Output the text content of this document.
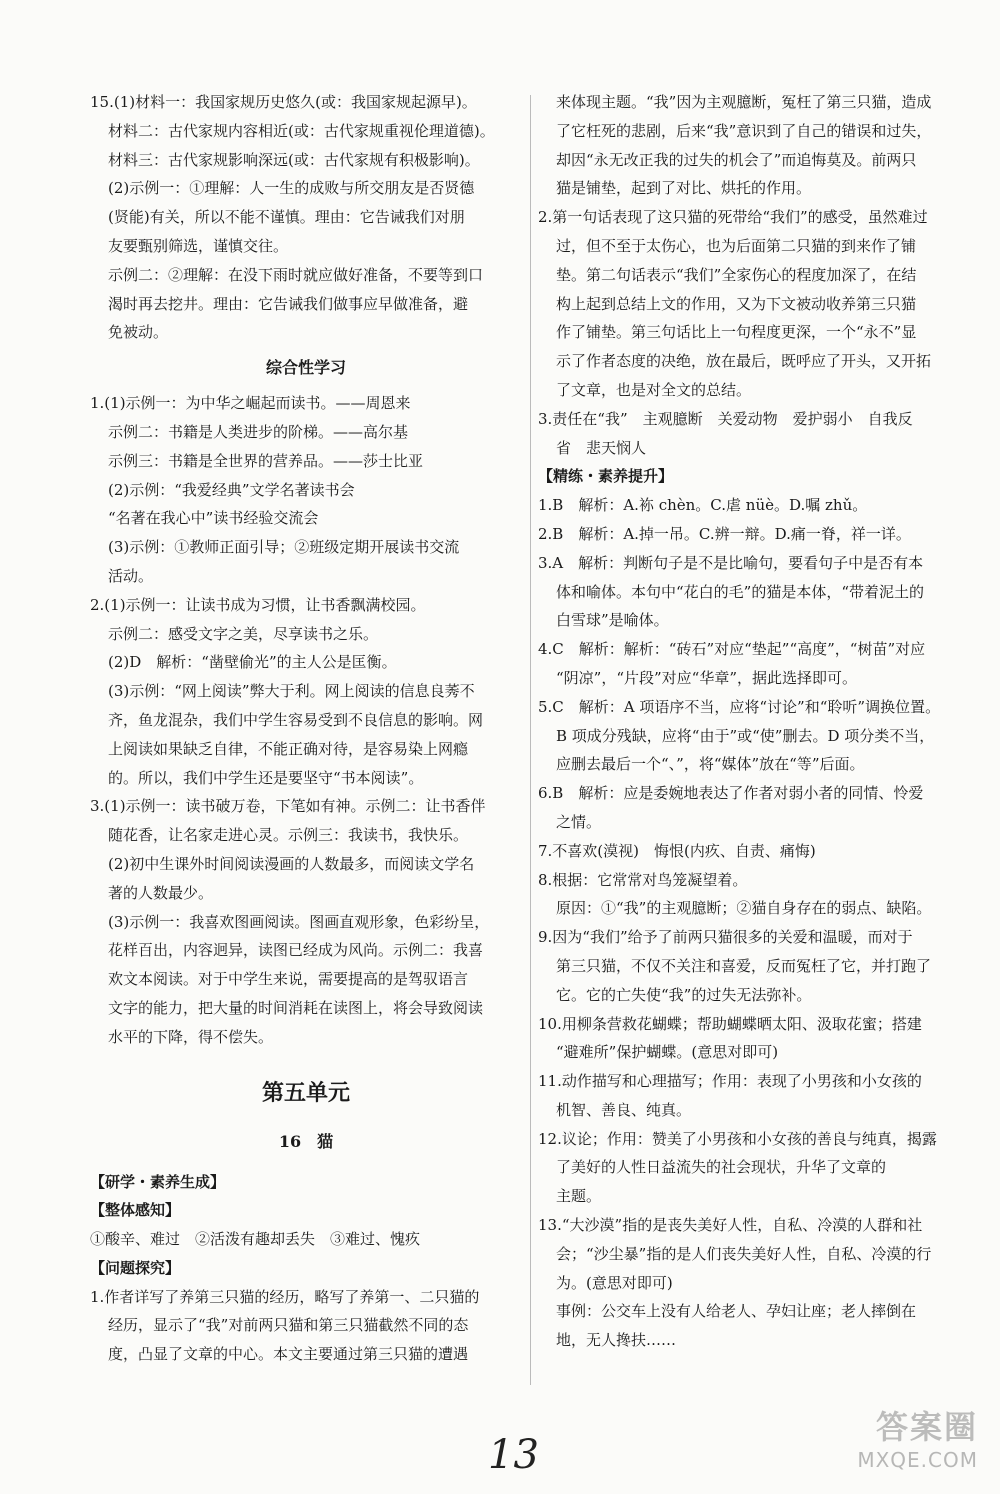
15.(1)材料一：我国家规历史悠久(或：我国家规起源早)。
材料二：古代家规内容相近(或：古代家规重视伦理道德)。
材料三：古代家规影响深远(或：古代家规有积极影响)。
(2)示例一：①理解：人一生的成败与所交朋友是否贤德
(贤能)有关，所以不能不谨慎。理由：它告诫我们对朋
友要甄别筛选，谨慎交往。
示例二：②理解：在没下雨时就应做好准备，不要等到口
渴时再去挖井。理由：它告诫我们做事应早做准备，避
免被动。
综合性学习
1.(1)示例一：为中华之崛起而读书。——周恩来
示例二：书籍是人类进步的阶梯。——高尔基
示例三：书籍是全世界的营养品。——莎士比亚
(2)示例：“我爱经典”文学名著读书会
“名著在我心中”读书经验交流会
(3)示例：①教师正面引导；②班级定期开展读书交流
活动。
2.(1)示例一：让读书成为习惯，让书香飘满校园。
示例二：感受文字之美，尽享读书之乐。
(2)D　解析：“凿壁偷光”的主人公是匡衡。
(3)示例：“网上阅读”弊大于利。网上阅读的信息良莠不
齐，鱼龙混杂，我们中学生容易受到不良信息的影响。网
上阅读如果缺乏自律，不能正确对待，是容易染上网瘾
的。所以，我们中学生还是要坚守“书本阅读”。
3.(1)示例一：读书破万卷，下笔如有神。示例二：让书香伴
随花香，让名家走进心灵。示例三：我读书，我快乐。
(2)初中生课外时间阅读漫画的人数最多，而阅读文学名
著的人数最少。
(3)示例一：我喜欢图画阅读。图画直观形象，色彩纷呈，
花样百出，内容迥异，读图已经成为风尚。示例二：我喜
欢文本阅读。对于中学生来说，需要提高的是驾驭语言
文字的能力，把大量的时间消耗在读图上，将会导致阅读
水平的下降，得不偿失。
第五单元
16　猫
【研学・素养生成】
【整体感知】
①酸辛、难过　②活泼有趣却丢失　③难过、愧疚
【问题探究】
1.作者详写了养第三只猫的经历，略写了养第一、二只猫的
经历，显示了“我”对前两只猫和第三只猫截然不同的态
度，凸显了文章的中心。本文主要通过第三只猫的遭遇
来体现主题。“我”因为主观臆断，冤枉了第三只猫，造成
了它枉死的悲剧，后来“我”意识到了自己的错误和过失，
却因“永无改正我的过失的机会了”而追悔莫及。前两只
猫是铺垫，起到了对比、烘托的作用。
2.第一句话表现了这只猫的死带给“我们”的感受，虽然难过
过，但不至于太伤心，也为后面第二只猫的到来作了铺
垫。第二句话表示“我们”全家伤心的程度加深了，在结
构上起到总结上文的作用，又为下文被动收养第三只猫
作了铺垫。第三句话比上一句程度更深，一个“永不”显
示了作者态度的决绝，放在最后，既呼应了开头，又开拓
了文章，也是对全文的总结。
3.责任在“我”　主观臆断　关爱动物　爱护弱小　自我反
省　悲天悯人
【精练・素养提升】
1.B　解析：A.袮 chèn。C.虐 nüè。D.嘱 zhǔ。
2.B　解析：A.掉一吊。C.辨一辩。D.痛一脊，祥一详。
3.A　解析：判断句子是不是比喻句，要看句子中是否有本
体和喻体。本句中“花白的毛”的猫是本体，“带着泥土的
白雪球”是喻体。
4.C　解析：解析：“砖石”对应“垫起”“高度”，“树苗”对应
“阴凉”，“片段”对应“华章”，据此选择即可。
5.C　解析：A 项语序不当，应将“讨论”和“聆听”调换位置。
B 项成分残缺，应将“由于”或“使”删去。D 项分类不当，
应删去最后一个“、”，将“媒体”放在“等”后面。
6.B　解析：应是委婉地表达了作者对弱小者的同情、怜爱
之情。
7.不喜欢(漠视)　悔恨(内疚、自责、痛悔)
8.根据：它常常对鸟笼凝望着。
原因：①“我”的主观臆断；②猫自身存在的弱点、缺陷。
9.因为“我们”给予了前两只猫很多的关爱和温暖，而对于
第三只猫，不仅不关注和喜爱，反而冤枉了它，并打跑了
它。它的亡失使“我”的过失无法弥补。
10.用柳条营救花蝴蝶；帮助蝴蝶晒太阳、汲取花蜜；搭建
“避难所”保护蝴蝶。(意思对即可)
11.动作描写和心理描写；作用：表现了小男孩和小女孩的
机智、善良、纯真。
12.议论；作用：赞美了小男孩和小女孩的善良与纯真，揭露
了美好的人性日益流失的社会现状，升华了文章的
主题。
13.“大沙漠”指的是丧失美好人性，自私、冷漠的人群和社
会；“沙尘暴”指的是人们丧失美好人性，自私、冷漠的行
为。(意思对即可)
事例：公交车上没有人给老人、孕妇让座；老人摔倒在
地，无人搀扶……
13
答案圈
MXQE.COM
